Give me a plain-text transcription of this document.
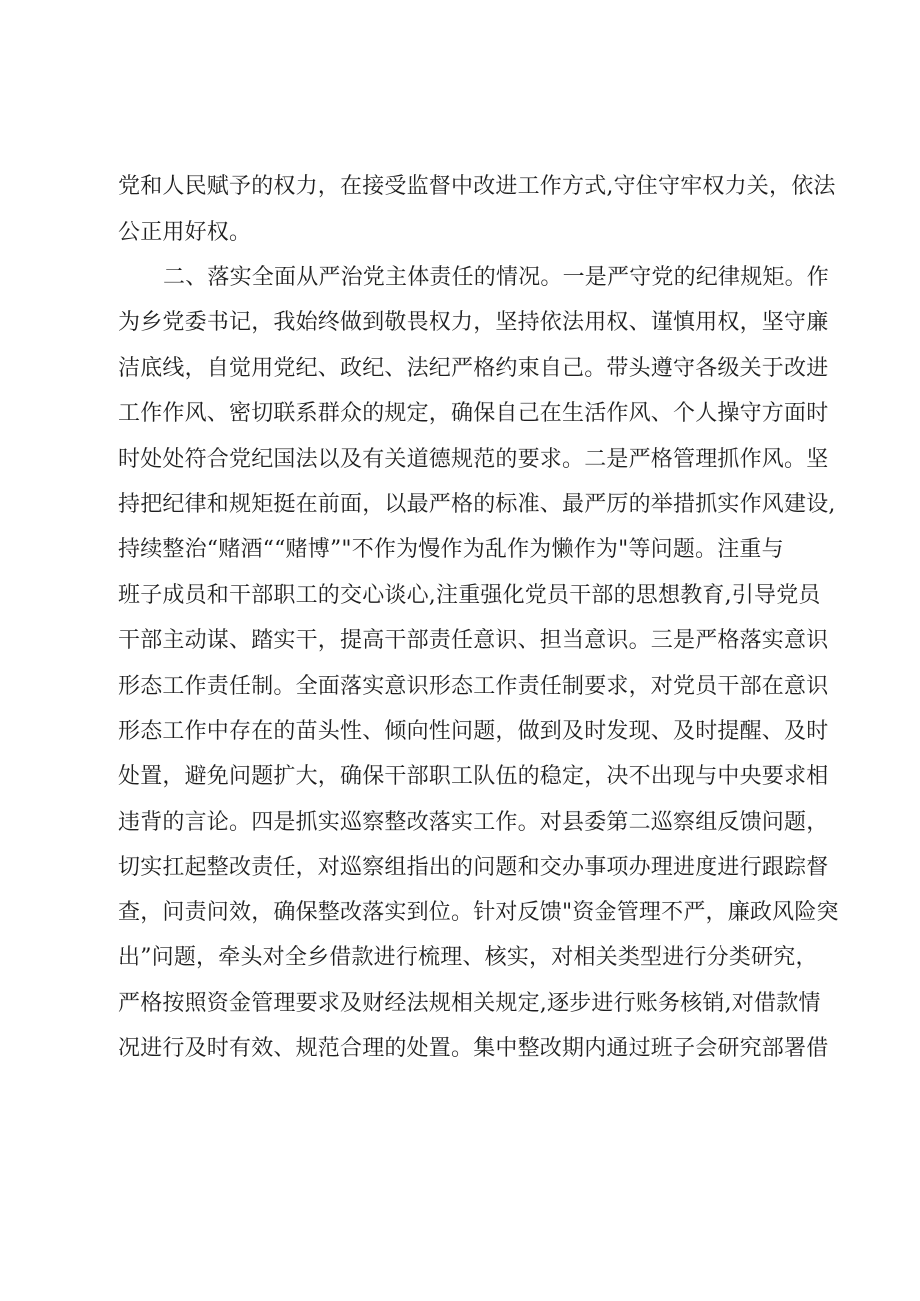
党和人民赋予的权力，在接受监督中改进工作方式,守住守牢权力关，依法
公正用好权。
二、落实全面从严治党主体责任的情况。一是严守党的纪律规矩。作
为乡党委书记，我始终做到敬畏权力，坚持依法用权、谨慎用权，坚守廉
洁底线，自觉用党纪、政纪、法纪严格约束自己。带头遵守各级关于改进
工作作风、密切联系群众的规定，确保自己在生活作风、个人操守方面时
时处处符合党纪国法以及有关道德规范的要求。二是严格管理抓作风。坚
持把纪律和规矩挺在前面，以最严格的标准、最严厉的举措抓实作风建设,
持续整治“赌酒““赌博”"不作为慢作为乱作为懒作为"等问题。注重与
班子成员和干部职工的交心谈心,注重强化党员干部的思想教育,引导党员
干部主动谋、踏实干，提高干部责任意识、担当意识。三是严格落实意识
形态工作责任制。全面落实意识形态工作责任制要求，对党员干部在意识
形态工作中存在的苗头性、倾向性问题，做到及时发现、及时提醒、及时
处置，避免问题扩大，确保干部职工队伍的稳定，决不出现与中央要求相
违背的言论。四是抓实巡察整改落实工作。对县委第二巡察组反馈问题，
切实扛起整改责任，对巡察组指出的问题和交办事项办理进度进行跟踪督
查，问责问效，确保整改落实到位。针对反馈"资金管理不严，廉政风险突
出”问题，牵头对全乡借款进行梳理、核实，对相关类型进行分类研究，
严格按照资金管理要求及财经法规相关规定,逐步进行账务核销,对借款情
况进行及时有效、规范合理的处置。集中整改期内通过班子会研究部署借
